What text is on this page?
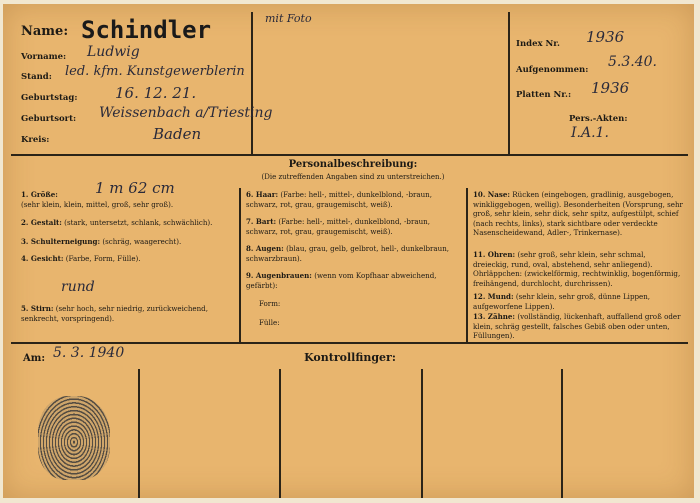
Name: Schindler
Vorname: Ludwig
Stand: led. kfm. Kunstgewerblerin
Geburtstag:	16. 12. 21.
Geburtsort: Weissenbach a/Triesting
Kreis:	Baden
mit Foto
Index Nr. 1936
Aufgenommen: 5.3.40.
Platten Nr.: 1936
Pers.-Akten:
I.A.1.
Personalbeschreibung:
(Die zutreffenden Angaben sind zu unterstreichen.)
1. Größe:
(sehr klein, klein, mittel, groß, sehr groß).
1 m 62 cm
2. Gestalt: (stark, untersetzt, schlank, schwächlich).
3. Schulterneigung: (schräg, waagerecht).
4. Gesicht: (Farbe, Form, Fülle).
rund
5. Stirn: (sehr hoch, sehr niedrig, zurückweichend, senkrecht, vorspringend).
6. Haar: (Farbe: hell-, mittel-, dunkelblond, -braun, schwarz, rot, grau, graugemischt, weiß).
7. Bart: (Farbe: hell-, mittel-, dunkelblond, -braun, schwarz, rot, grau, graugemischt, weiß).
8. Augen: (blau, grau, gelb, gelbrot, hell-, dunkelbraun, schwarzbraun).
9. Augenbrauen: (wenn vom Kopfhaar abweichend, gefärbt):
Form:
Fülle:
10. Nase: Rücken (eingebogen, gradlinig, ausgebogen, winkliggebogen, wellig). Besonderheiten (Vorsprung, sehr groß, sehr klein, sehr dick, sehr spitz, aufgestülpt, schief (nach rechts, links), stark sichtbare oder verdeckte Nasenscheidewand, Adler-, Trinkernase).
11. Ohren: (sehr groß, sehr klein, sehr schmal, dreieckig, rund, oval, abstehend, sehr anliegend). Ohrläppchen: (zwickelförmig, rechtwinklig, bogenförmig, freihängend, durchlocht, durchrissen).
12. Mund: (sehr klein, sehr groß, dünne Lippen, aufgeworfene Lippen).
13. Zähne: (vollständig, lückenhaft, auffallend groß oder klein, schräg gestellt, falsches Gebiß oben oder unten, Füllungen).
Am: 5. 3. 1940	Kontrollfinger:
